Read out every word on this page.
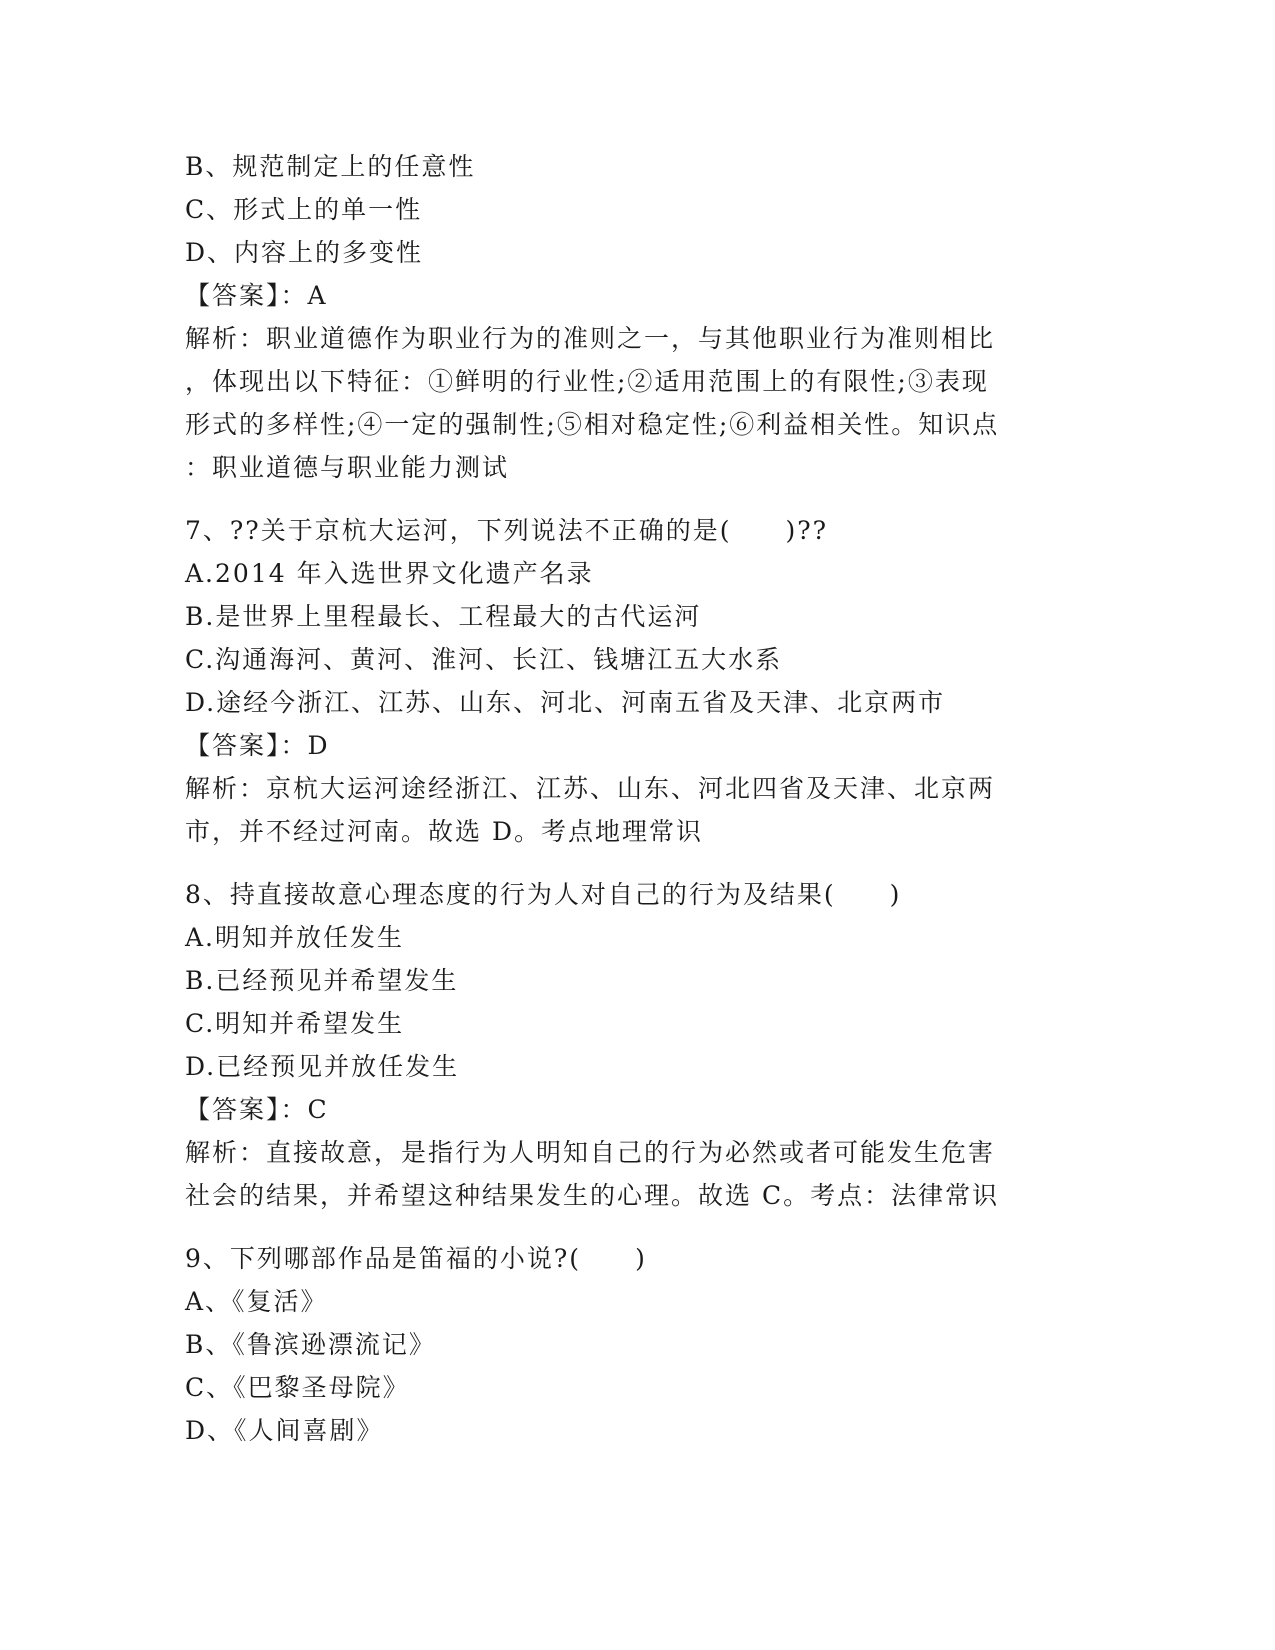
B、规范制定上的任意性
C、形式上的单一性
D、内容上的多变性
【答案】：A
解析：职业道德作为职业行为的准则之一，与其他职业行为准则相比
，体现出以下特征：①鲜明的行业性;②适用范围上的有限性;③表现
形式的多样性;④一定的强制性;⑤相对稳定性;⑥利益相关性。知识点
：职业道德与职业能力测试
7、??关于京杭大运河，下列说法不正确的是(　　)??
A.2014 年入选世界文化遗产名录
B.是世界上里程最长、工程最大的古代运河
C.沟通海河、黄河、淮河、长江、钱塘江五大水系
D.途经今浙江、江苏、山东、河北、河南五省及天津、北京两市
【答案】：D
解析：京杭大运河途经浙江、江苏、山东、河北四省及天津、北京两
市，并不经过河南。故选 D。考点地理常识
8、持直接故意心理态度的行为人对自己的行为及结果(　　)
A.明知并放任发生
B.已经预见并希望发生
C.明知并希望发生
D.已经预见并放任发生
【答案】：C
解析：直接故意，是指行为人明知自己的行为必然或者可能发生危害
社会的结果，并希望这种结果发生的心理。故选 C。考点：法律常识
9、下列哪部作品是笛福的小说?(　　)
A、《复活》
B、《鲁滨逊漂流记》
C、《巴黎圣母院》
D、《人间喜剧》
